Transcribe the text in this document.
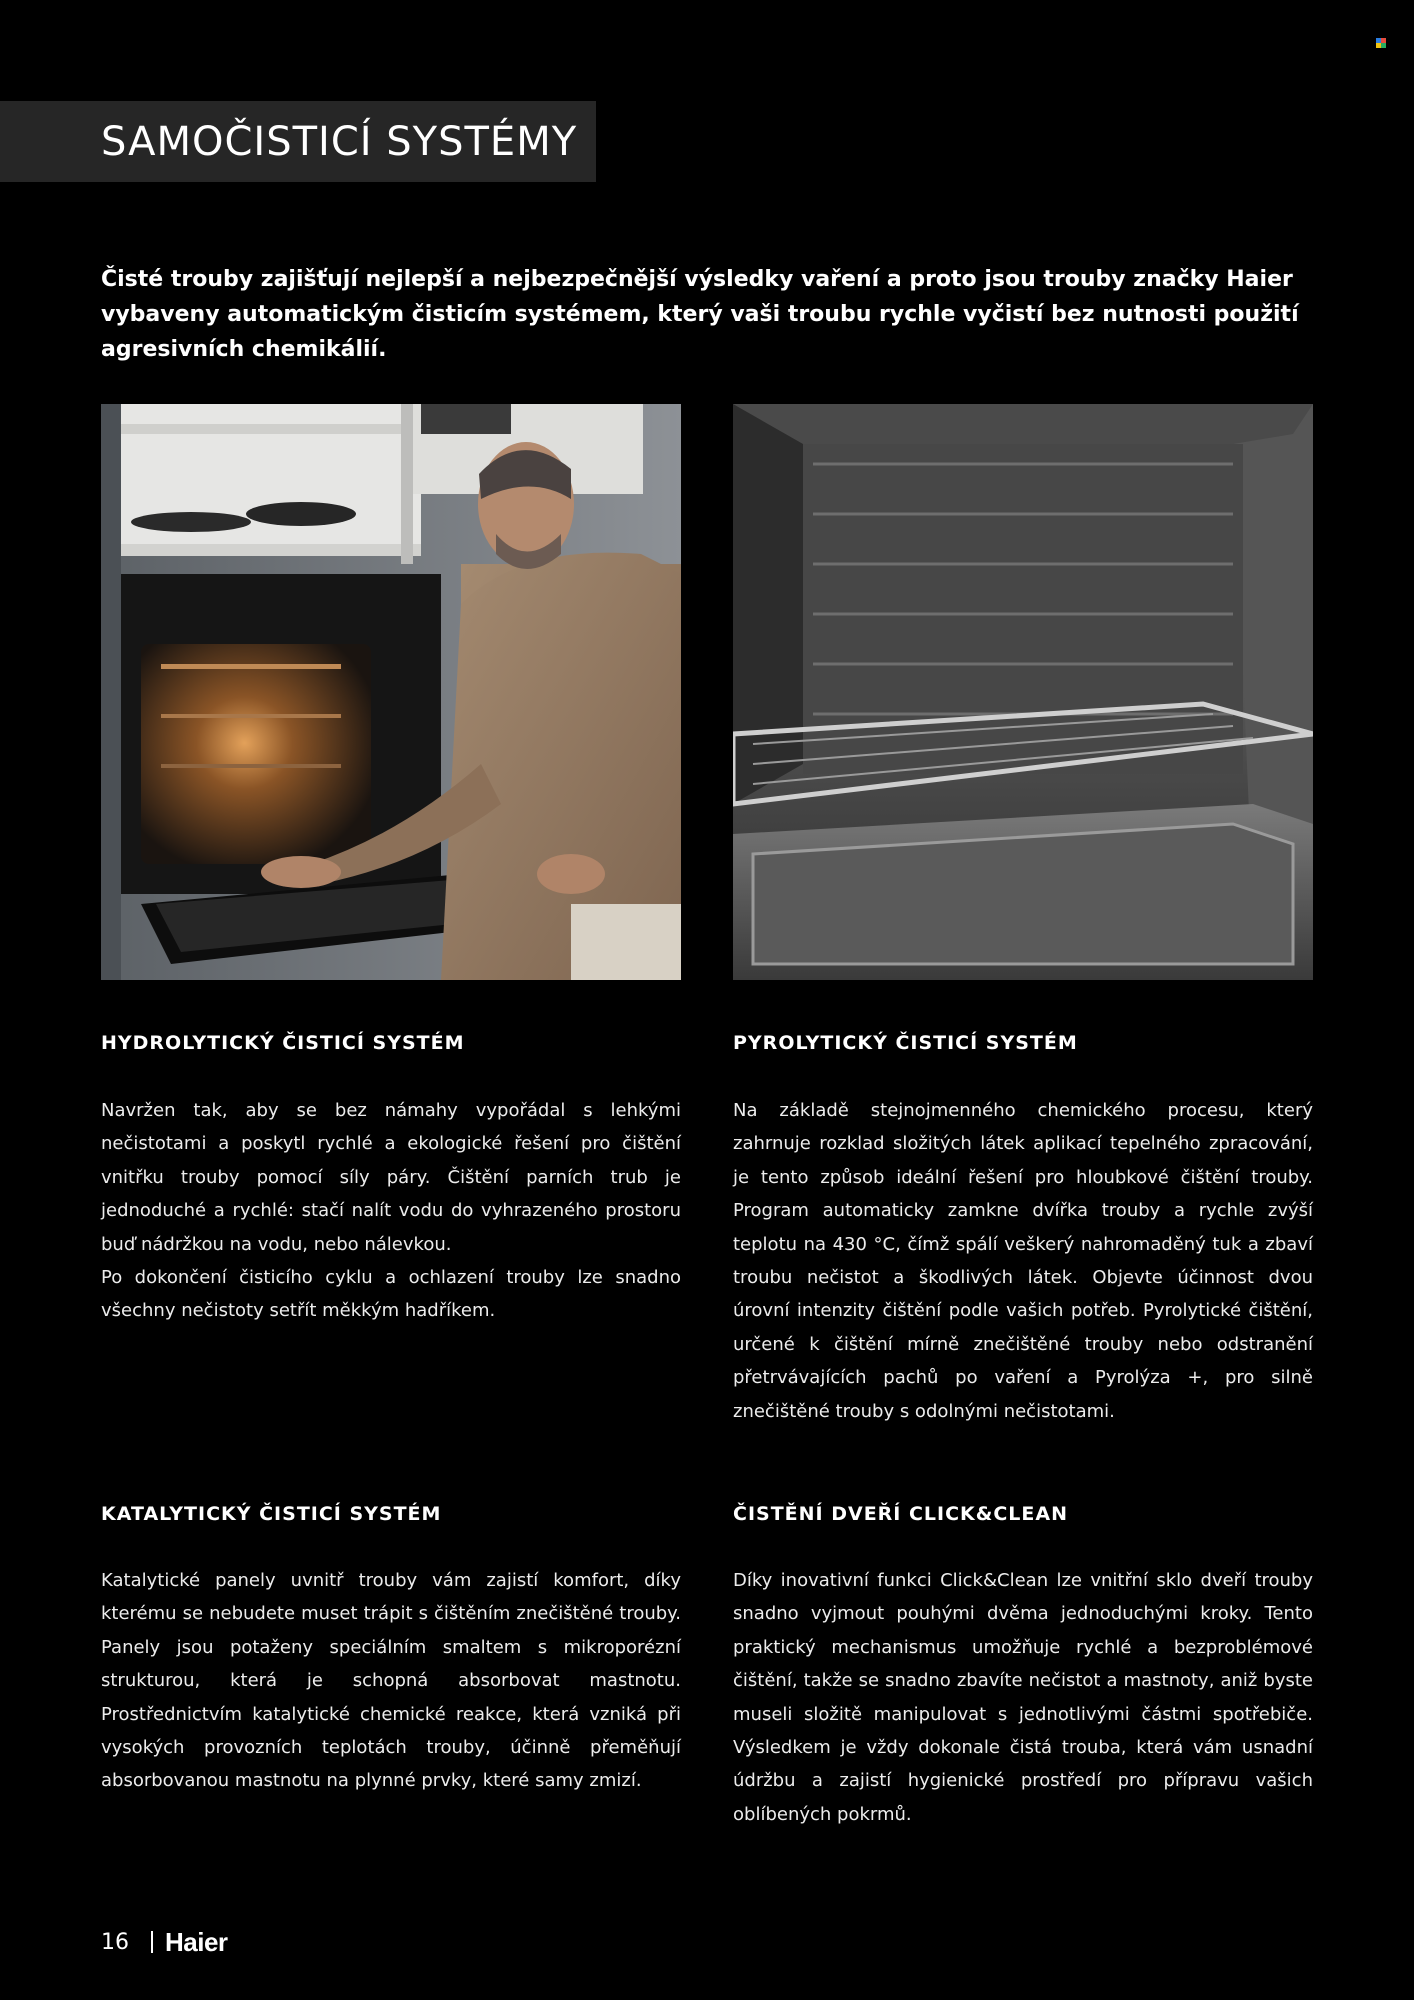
SAMOČISTICÍ SYSTÉMY

Čisté trouby zajišťují nejlepší a nejbezpečnější výsledky vaření a proto jsou trouby značky Haier vybaveny automatickým čisticím systémem, který vaši troubu rychle vyčistí bez nutnosti použití agresivních chemikálií.

HYDROLYTICKÝ ČISTICÍ SYSTÉM

Navržen tak, aby se bez námahy vypořádal s lehkými nečistotami a poskytl rychlé a ekologické řešení pro čištění vnitřku trouby pomocí síly páry. Čištění parních trub je jednoduché a rychlé: stačí nalít vodu do vyhrazeného prostoru buď nádržkou na vodu, nebo nálevkou.

Po dokončení čisticího cyklu a ochlazení trouby lze snadno všechny nečistoty setřít měkkým hadříkem.

PYROLYTICKÝ ČISTICÍ SYSTÉM

Na základě stejnojmenného chemického procesu, který zahrnuje rozklad složitých látek aplikací tepelného zpracování, je tento způsob ideální řešení pro hloubkové čištění trouby. Program automaticky zamkne dvířka trouby a rychle zvýší teplotu na 430 °C, čímž spálí veškerý nahromaděný tuk a zbaví troubu nečistot a škodlivých látek. Objevte účinnost dvou úrovní intenzity čištění podle vašich potřeb. Pyrolytické čištění, určené k čištění mírně znečištěné trouby nebo odstranění přetrvávajících pachů po vaření a Pyrolýza +, pro silně znečištěné trouby s odolnými nečistotami.

KATALYTICKÝ ČISTICÍ SYSTÉM

Katalytické panely uvnitř trouby vám zajistí komfort, díky kterému se nebudete muset trápit s čištěním znečištěné trouby. Panely jsou potaženy speciálním smaltem s mikroporézní strukturou, která je schopná absorbovat mastnotu. Prostřednictvím katalytické chemické reakce, která vzniká při vysokých provozních teplotách trouby, účinně přeměňují absorbovanou mastnotu na plynné prvky, které samy zmizí.

ČISTĚNÍ DVEŘÍ CLICK&CLEAN

Díky inovativní funkci Click&Clean lze vnitřní sklo dveří trouby snadno vyjmout pouhými dvěma jednoduchými kroky. Tento praktický mechanismus umožňuje rychlé a bezproblémové čištění, takže se snadno zbavíte nečistot a mastnoty, aniž byste museli složitě manipulovat s jednotlivými částmi spotřebiče. Výsledkem je vždy dokonale čistá trouba, která vám usnadní údržbu a zajistí hygienické prostředí pro přípravu vašich oblíbených pokrmů.

16 Haier
